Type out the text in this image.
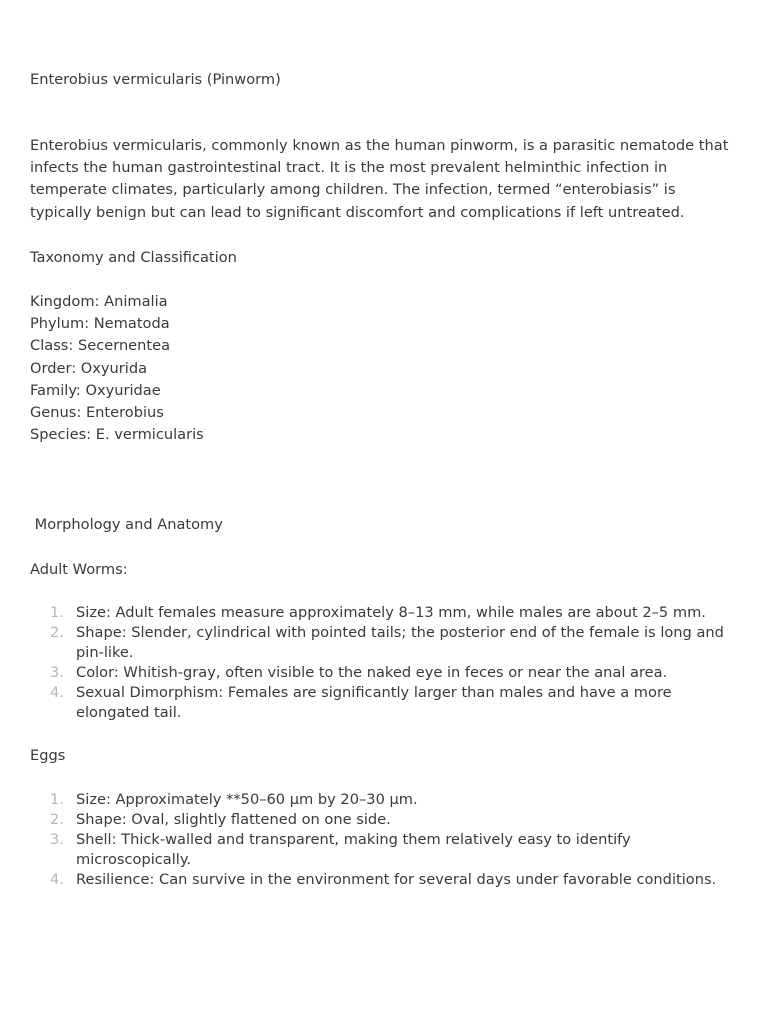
Enterobius vermicularis (Pinworm)
Enterobius vermicularis, commonly known as the human pinworm, is a parasitic nematode that infects the human gastrointestinal tract. It is the most prevalent helminthic infection in temperate climates, particularly among children. The infection, termed “enterobiasis” is typically benign but can lead to significant discomfort and complications if left untreated.
Taxonomy and Classification
Kingdom: Animalia
Phylum: Nematoda
Class: Secernentea
Order: Oxyurida
Family: Oxyuridae
Genus: Enterobius
Species: E. vermicularis
Morphology and Anatomy
Adult Worms:
1. Size: Adult females measure approximately 8–13 mm, while males are about 2–5 mm.
2. Shape: Slender, cylindrical with pointed tails; the posterior end of the female is long and pin-like.
3. Color: Whitish-gray, often visible to the naked eye in feces or near the anal area.
4. Sexual Dimorphism: Females are significantly larger than males and have a more elongated tail.
Eggs
1. Size: Approximately **50–60 µm by 20–30 µm.
2. Shape: Oval, slightly flattened on one side.
3. Shell: Thick-walled and transparent, making them relatively easy to identify microscopically.
4. Resilience: Can survive in the environment for several days under favorable conditions.
